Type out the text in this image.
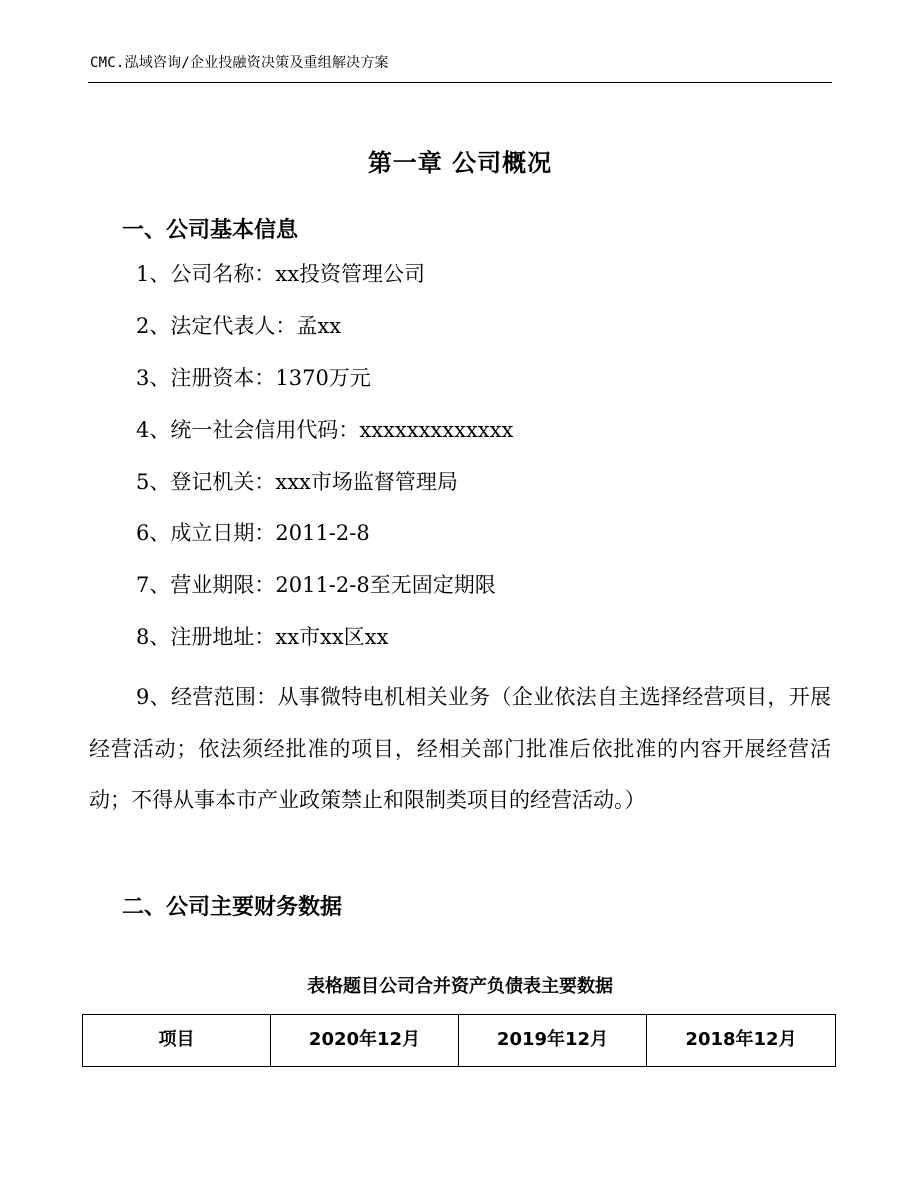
CMC.泓域咨询/企业投融资决策及重组解决方案
第一章 公司概况
一、公司基本信息
1、公司名称：xx投资管理公司
2、法定代表人：孟xx
3、注册资本：1370万元
4、统一社会信用代码：xxxxxxxxxxxxx
5、登记机关：xxx市场监督管理局
6、成立日期：2011-2-8
7、营业期限：2011-2-8至无固定期限
8、注册地址：xx市xx区xx
9、经营范围：从事微特电机相关业务（企业依法自主选择经营项目，开展经营活动；依法须经批准的项目，经相关部门批准后依批准的内容开展经营活动；不得从事本市产业政策禁止和限制类项目的经营活动。）
二、公司主要财务数据
表格题目公司合并资产负债表主要数据
项目	2020年12月	2019年12月	2018年12月
